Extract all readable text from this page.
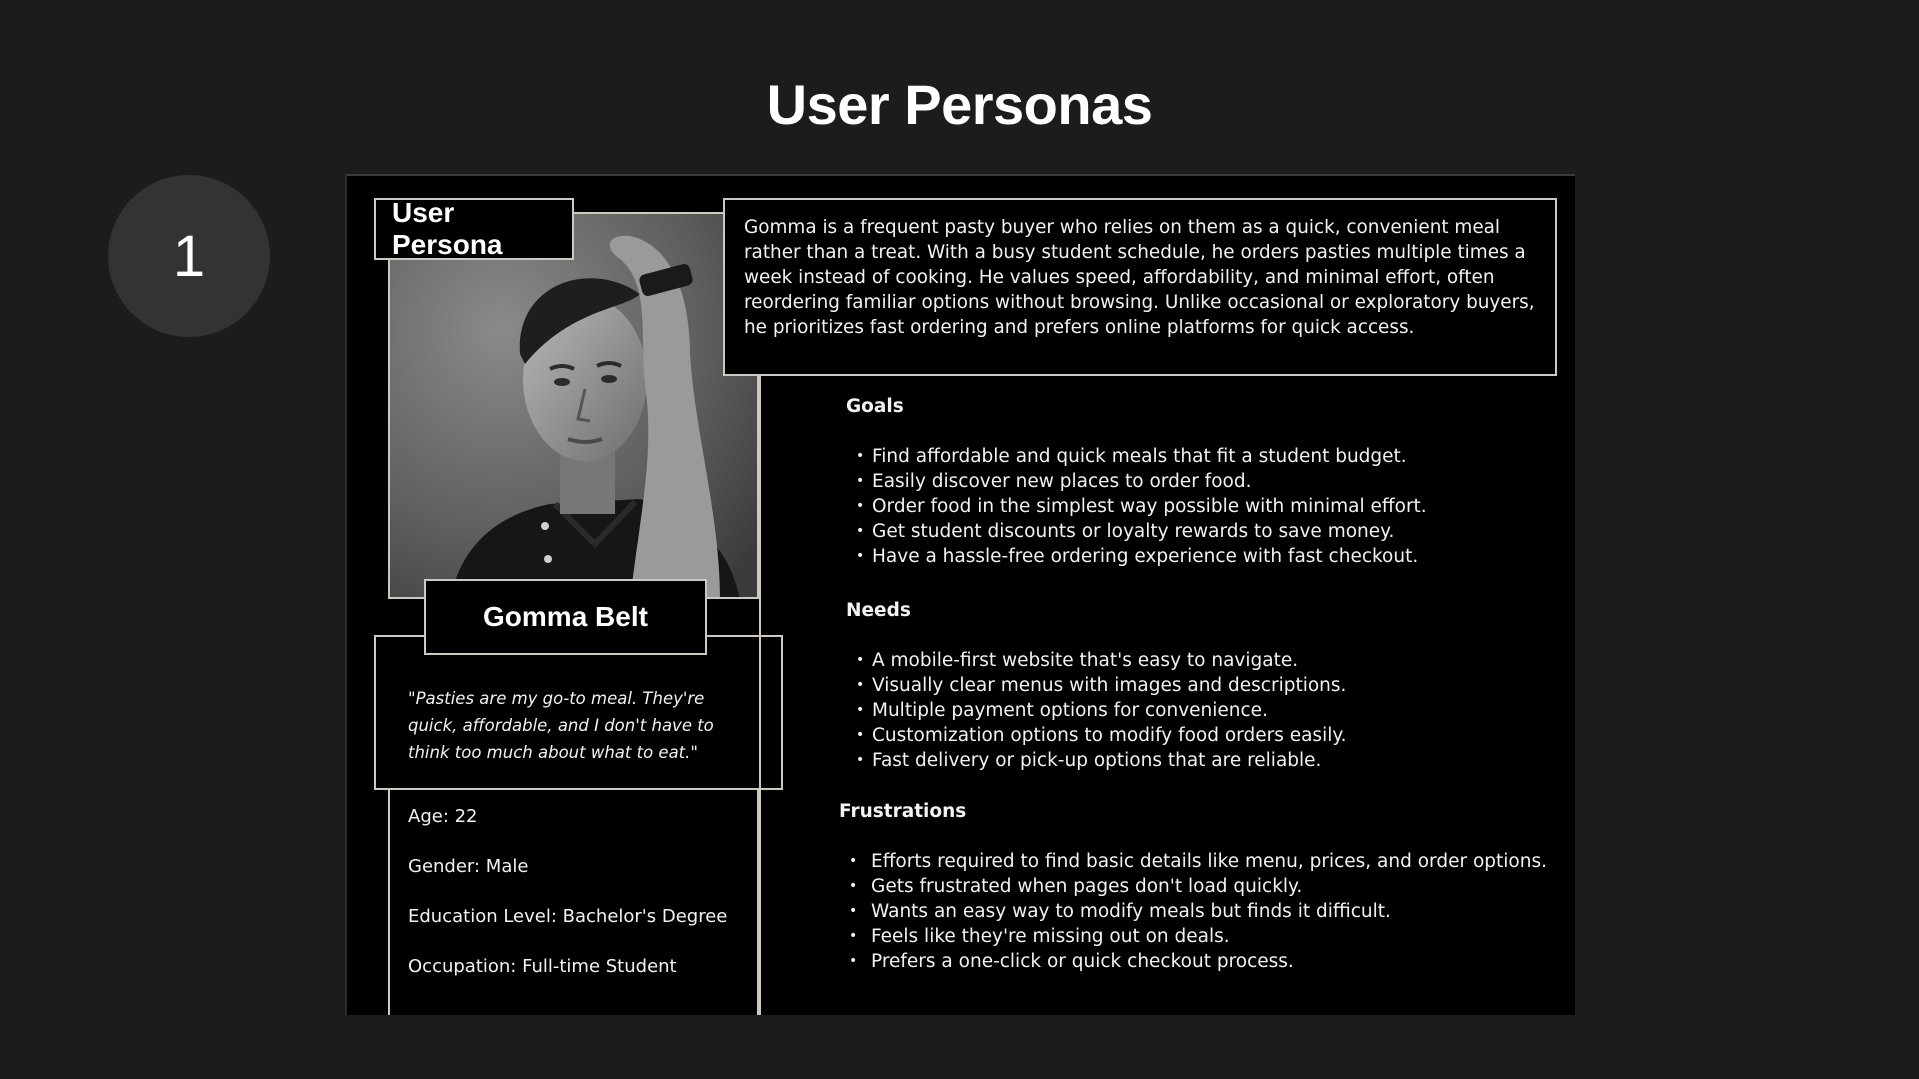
User Personas
1
User Persona
"Pasties are my go-to meal. They're quick, affordable, and I don't have to think too much about what to eat."
Gomma Belt
Age: 22
Gender: Male
Education Level: Bachelor's Degree
Occupation: Full-time Student
Gomma is a frequent pasty buyer who relies on them as a quick, convenient meal rather than a treat. With a busy student schedule, he orders pasties multiple times a week instead of cooking. He values speed, affordability, and minimal effort, often reordering familiar options without browsing. Unlike occasional or exploratory buyers, he prioritizes fast ordering and prefers online platforms for quick access.
Goals
• Find affordable and quick meals that fit a student budget.
• Easily discover new places to order food.
• Order food in the simplest way possible with minimal effort.
• Get student discounts or loyalty rewards to save money.
• Have a hassle-free ordering experience with fast checkout.
Needs
• A mobile-first website that's easy to navigate.
• Visually clear menus with images and descriptions.
• Multiple payment options for convenience.
• Customization options to modify food orders easily.
• Fast delivery or pick-up options that are reliable.
Frustrations
• Efforts required to find basic details like menu, prices, and order options.
• Gets frustrated when pages don't load quickly.
• Wants an easy way to modify meals but finds it difficult.
• Feels like they're missing out on deals.
• Prefers a one-click or quick checkout process.
